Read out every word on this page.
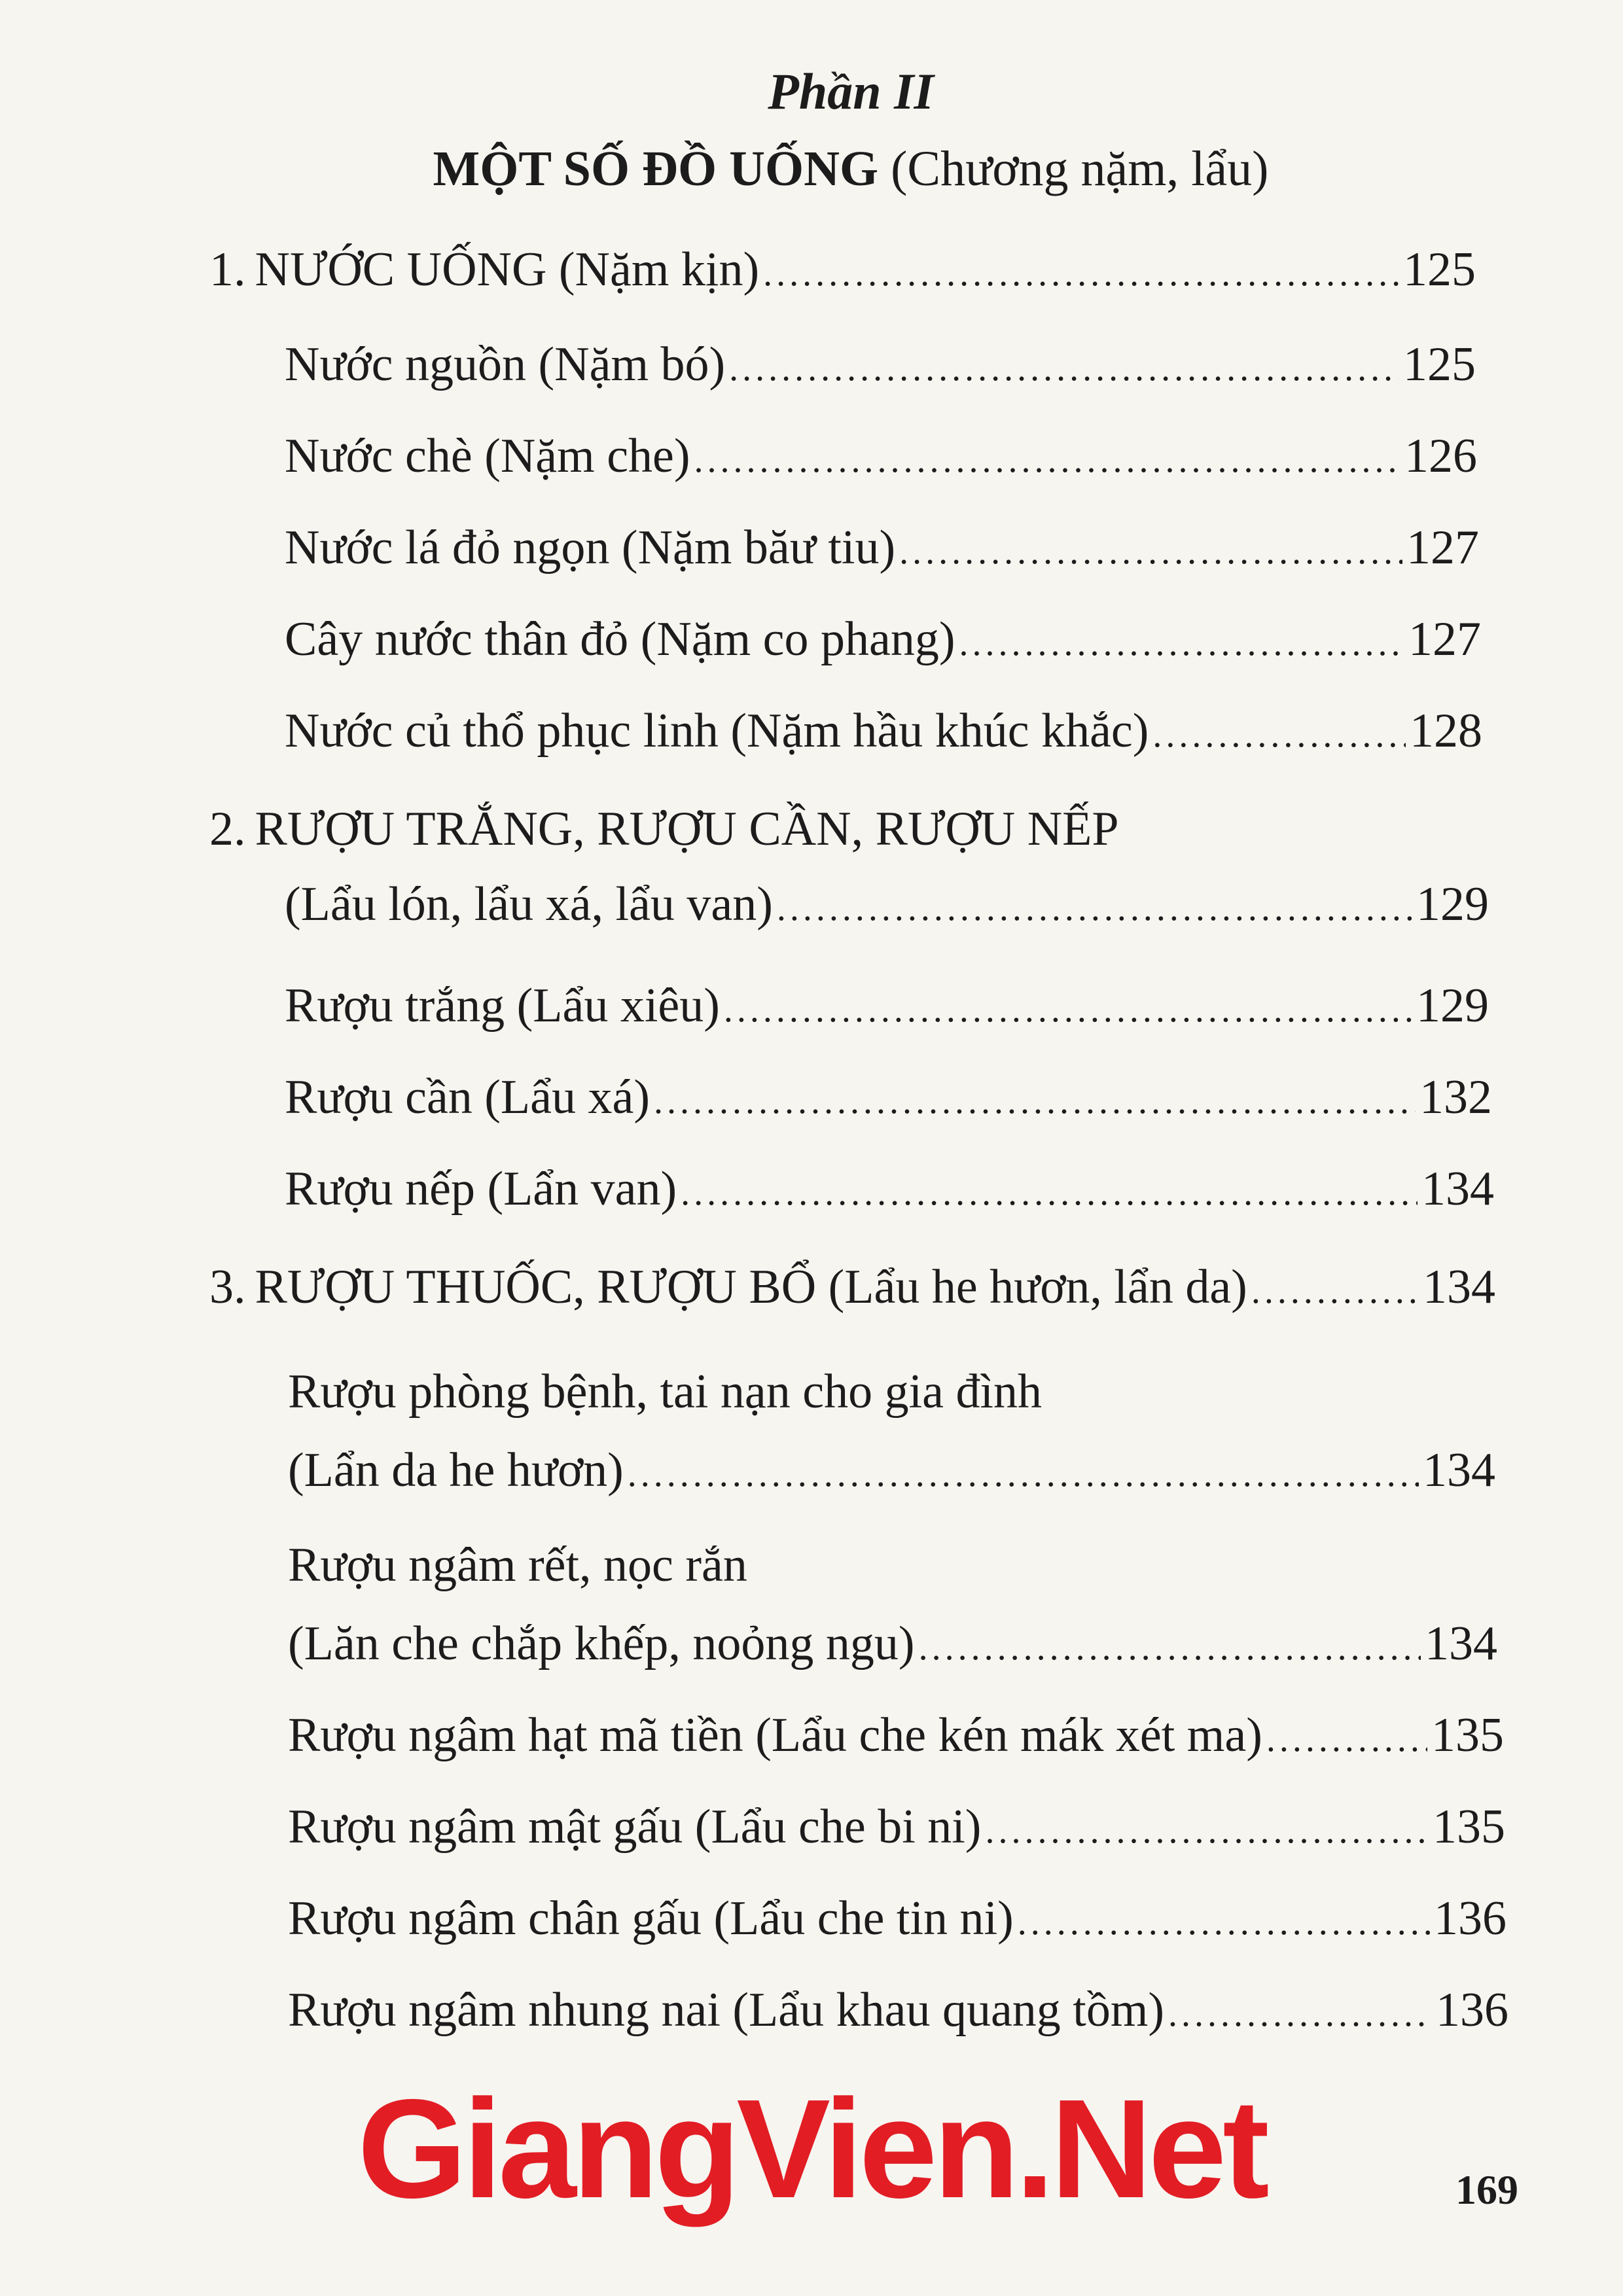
Phần II
MỘT SỐ ĐỒ UỐNG (Chương nặm, lẩu)
1. NƯỚC UỐNG (Nặm kịn) .....	125
Nước nguồn (Nặm bó) .....	125
Nước chè (Nặm che) .....	126
Nước lá đỏ ngọn (Nặm băư tiu) .....	127
Cây nước thân đỏ (Nặm co phang) .....	127
Nước củ thổ phục linh (Nặm hầu khúc khắc) .....	128
2. RƯỢU TRẮNG, RƯỢU CẦN, RƯỢU NẾP
(Lẩu lón, lẩu xá, lẩu van) .....	129
Rượu trắng (Lẩu xiêu) .....	129
Rượu cần (Lẩu xá) .....	132
Rượu nếp (Lẩn van) .....	134
3. RƯỢU THUỐC, RƯỢU BỔ (Lẩu he hươn, lẩn da) .....	134
Rượu phòng bệnh, tai nạn cho gia đình
(Lẩn da he hươn) .....	134
Rượu ngâm rết, nọc rắn
(Lăn che chắp khếp, noỏng ngu) .....	134
Rượu ngâm hạt mã tiền (Lẩu che kén mák xét ma) .....	135
Rượu ngâm mật gấu (Lẩu che bi ni) .....	135
Rượu ngâm chân gấu (Lẩu che tin ni) .....	136
Rượu ngâm nhung nai (Lẩu khau quang tồm) .....	136
GiangVien.Net	169
